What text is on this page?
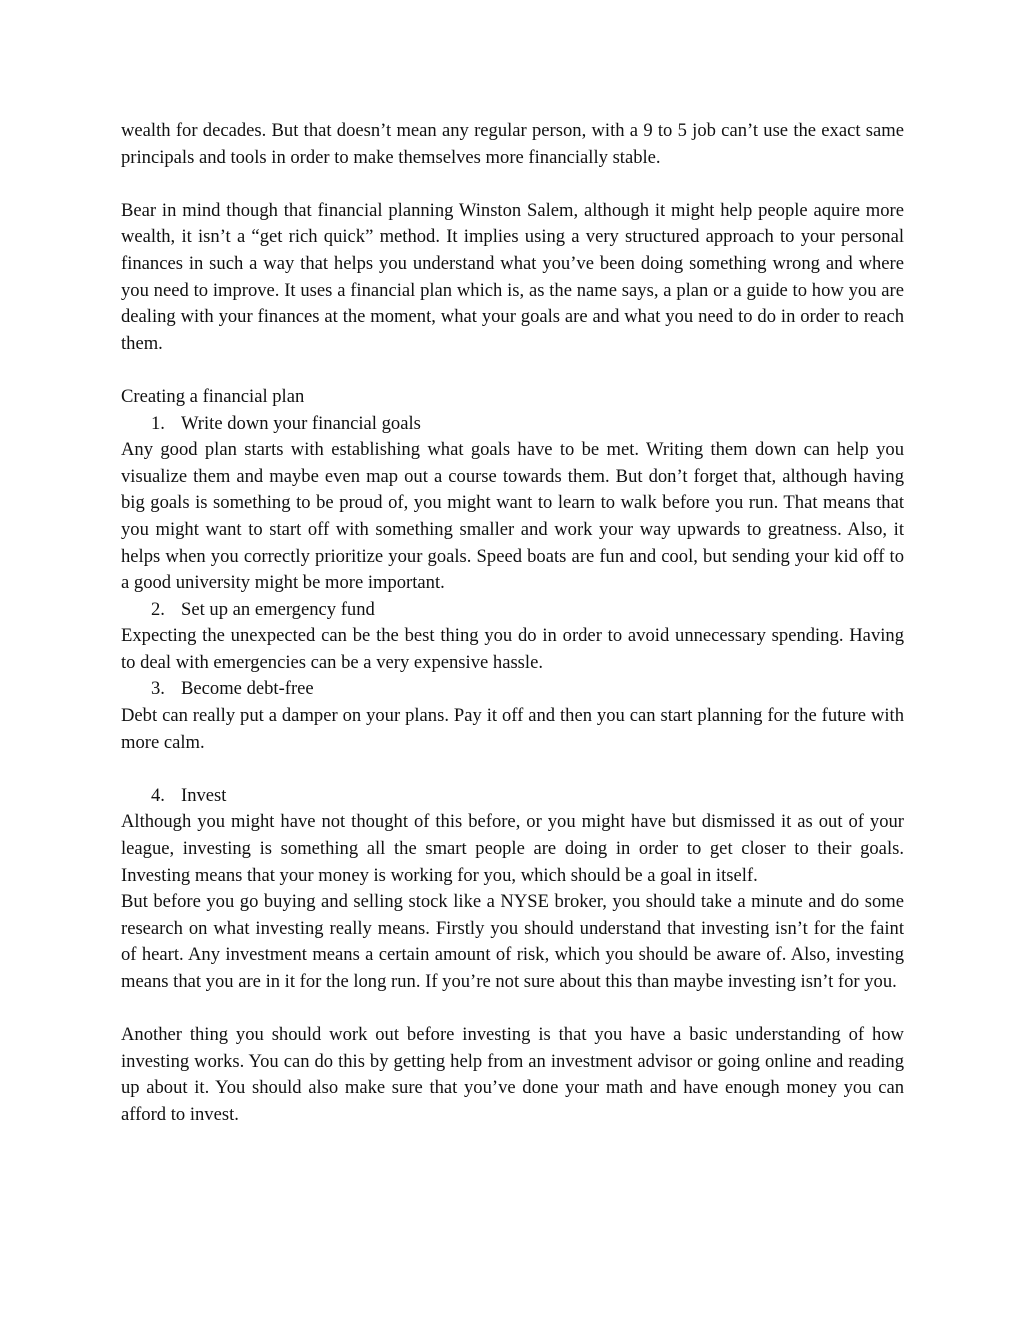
wealth for decades. But that doesn’t mean any regular person, with a 9 to 5 job can’t use the exact same principals and tools in order to make themselves more financially stable.

Bear in mind though that financial planning Winston Salem, although it might help people aquire more wealth, it isn’t a “get rich quick” method. It implies using a very structured approach to your personal finances in such a way that helps you understand what you’ve been doing something wrong and where you need to improve. It uses a financial plan which is, as the name says, a plan or a guide to how you are dealing with your finances at the moment, what your goals are and what you need to do in order to reach them.

Creating a financial plan

1. Write down your financial goals

Any good plan starts with establishing what goals have to be met. Writing them down can help you visualize them and maybe even map out a course towards them. But don’t forget that, although having big goals is something to be proud of, you might want to learn to walk before you run. That means that you might want to start off with something smaller and work your way upwards to greatness. Also, it helps when you correctly prioritize your goals. Speed boats are fun and cool, but sending your kid off to a good university might be more important.

2. Set up an emergency fund

Expecting the unexpected can be the best thing you do in order to avoid unnecessary spending. Having to deal with emergencies can be a very expensive hassle.

3. Become debt-free

Debt can really put a damper on your plans. Pay it off and then you can start planning for the future with more calm.

4. Invest

Although you might have not thought of this before, or you might have but dismissed it as out of your league, investing is something all the smart people are doing in order to get closer to their goals. Investing means that your money is working for you, which should be a goal in itself.

But before you go buying and selling stock like a NYSE broker, you should take a minute and do some research on what investing really means. Firstly you should understand that investing isn’t for the faint of heart. Any investment means a certain amount of risk, which you should be aware of. Also, investing means that you are in it for the long run. If you’re not sure about this than maybe investing isn’t for you.

Another thing you should work out before investing is that you have a basic understanding of how investing works. You can do this by getting help from an investment advisor or going online and reading up about it. You should also make sure that you’ve done your math and have enough money you can afford to invest.
